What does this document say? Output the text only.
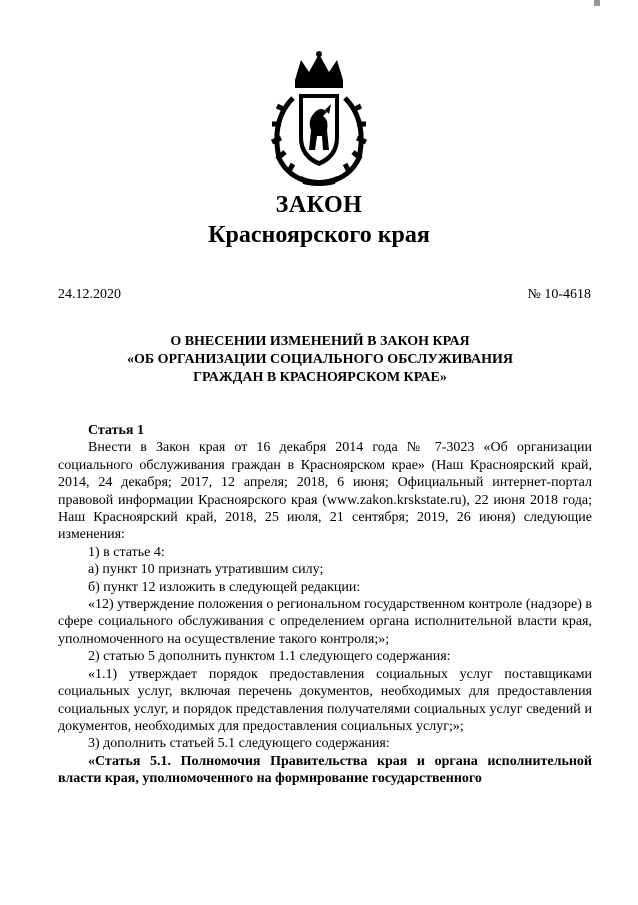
ЗАКОН
Красноярского края
24.12.2020	№ 10-4618
О ВНЕСЕНИИ ИЗМЕНЕНИЙ В ЗАКОН КРАЯ
«ОБ ОРГАНИЗАЦИИ СОЦИАЛЬНОГО ОБСЛУЖИВАНИЯ
ГРАЖДАН В КРАСНОЯРСКОМ КРАЕ»

Статья 1

Внести в Закон края от 16 декабря 2014 года № 7-3023 «Об организации социального обслуживания граждан в Красноярском крае» (Наш Красноярский край, 2014, 24 декабря; 2017, 12 апреля; 2018, 6 июня; Официальный интернет-портал правовой информации Красноярского края (www.zakon.krskstate.ru), 22 июня 2018 года; Наш Красноярский край, 2018, 25 июля, 21 сентября; 2019, 26 июня) следующие изменения:

1) в статье 4:

а) пункт 10 признать утратившим силу;

б) пункт 12 изложить в следующей редакции:

«12) утверждение положения о региональном государственном контроле (надзоре) в сфере социального обслуживания с определением органа исполнительной власти края, уполномоченного на осуществление такого контроля;»;

2) статью 5 дополнить пунктом 1.1 следующего содержания:

«1.1) утверждает порядок предоставления социальных услуг поставщиками социальных услуг, включая перечень документов, необходимых для предоставления социальных услуг, и порядок представления получателями социальных услуг сведений и документов, необходимых для предоставления социальных услуг;»;

3) дополнить статьей 5.1 следующего содержания:

«Статья 5.1. Полномочия Правительства края и органа исполнительной власти края, уполномоченного на формирование государственного
